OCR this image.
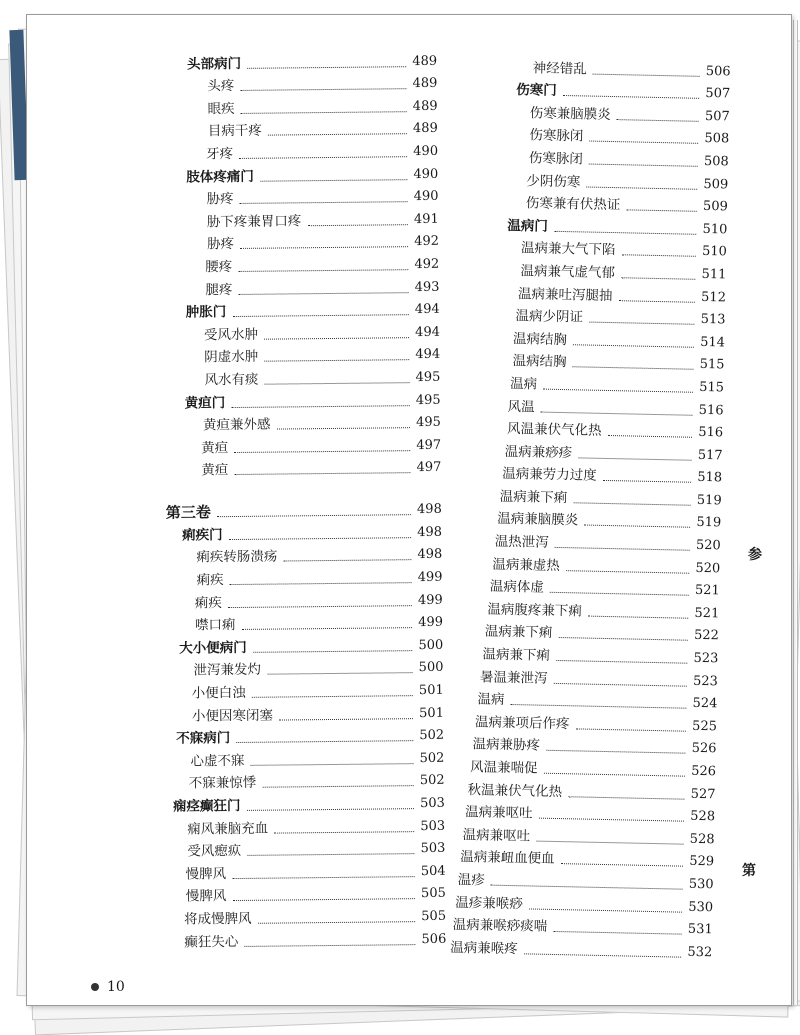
头部病门	489
头疼	489
眼疾	489
目病干疼	489
牙疼	490
肢体疼痛门	490
胁疼	490
胁下疼兼胃口疼	491
胁疼	492
腰疼	492
腿疼	493
肿胀门	494
受风水肿	494
阴虚水肿	494
风水有痰	495
黄疸门	495
黄疸兼外感	495
黄疸	497
黄疸	497
第三卷	498
痢疾门	498
痢疾转肠溃疡	498
痢疾	499
痢疾	499
噤口痢	499
大小便病门	500
泄泻兼发灼	500
小便白浊	501
小便因寒闭塞	501
不寐病门	502
心虚不寐	502
不寐兼惊悸	502
痫痉癫狂门	503
痫风兼脑充血	503
受风瘛疭	503
慢脾风	504
慢脾风	505
将成慢脾风	505
癫狂失心	506
神经错乱	506
伤寒门	507
伤寒兼脑膜炎	507
伤寒脉闭	508
伤寒脉闭	508
少阴伤寒	509
伤寒兼有伏热证	509
温病门	510
温病兼大气下陷	510
温病兼气虚气郁	511
温病兼吐泻腿抽	512
温病少阴证	513
温病结胸	514
温病结胸	515
温病	515
风温	516
风温兼伏气化热	516
温病兼痧疹	517
温病兼劳力过度	518
温病兼下痢	519
温病兼脑膜炎	519
温热泄泻	520
温病兼虚热	520
温病体虚	521
温病腹疼兼下痢	521
温病兼下痢	522
温病兼下痢	523
暑温兼泄泻	523
温病	524
温病兼项后作疼	525
温病兼胁疼	526
风温兼喘促	526
秋温兼伏气化热	527
温病兼呕吐	528
温病兼呕吐	528
温病兼衄血便血	529
温疹	530
温疹兼喉痧	530
温病兼喉痧痰喘	531
温病兼喉疼	532
10
参
第
